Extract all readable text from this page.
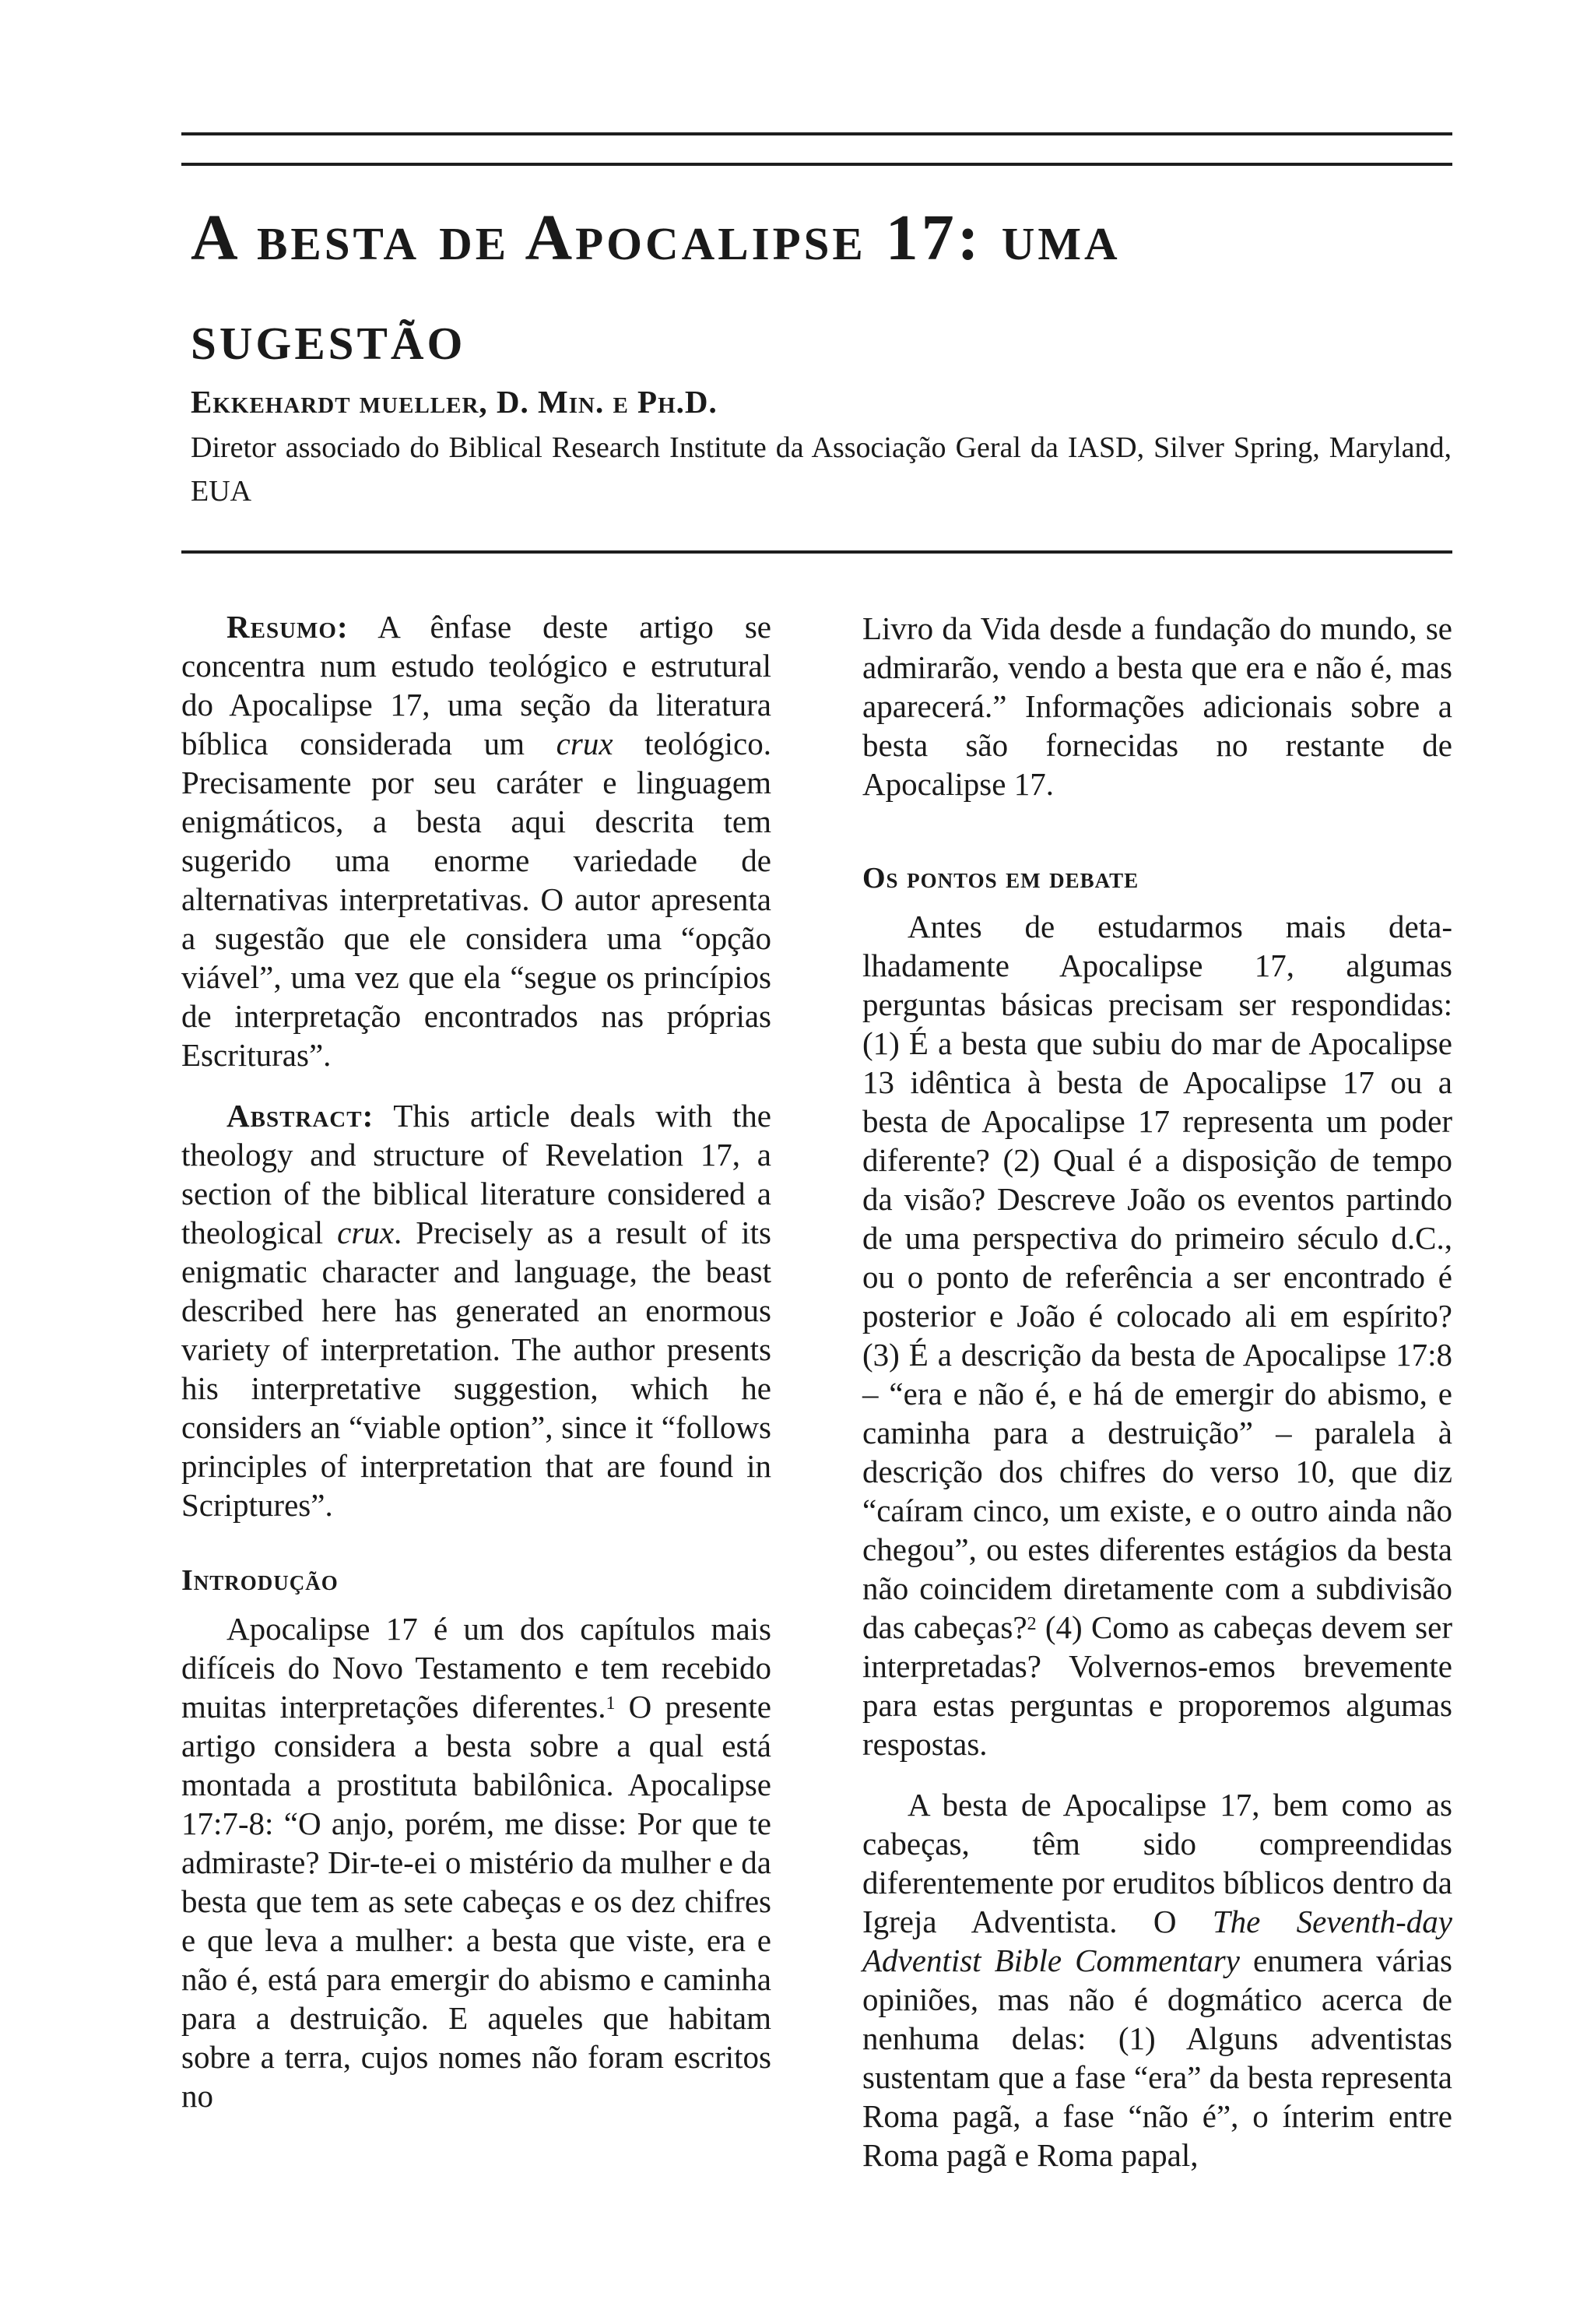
A besta de Apocalipse 17: uma
sugestão

Ekkehardt mueller, D. Min. e Ph.D.

Diretor associado do Biblical Research Institute da Associação Geral da IASD, Silver Spring, Maryland, EUA

Resumo: A ênfase deste artigo se concentra num estudo teológico e estrutural do Apocalipse 17, uma seção da literatura bíblica considerada um crux teológico. Precisamente por seu caráter e linguagem enigmáticos, a besta aqui descrita tem sugerido uma enorme variedade de alternativas interpretativas. O autor apresenta a sugestão que ele considera uma “opção viável”, uma vez que ela “segue os princípios de interpretação encontrados nas próprias Escrituras”.

Abstract: This article deals with the theology and structure of Revelation 17, a section of the biblical literature considered a theological crux. Precisely as a result of its enigmatic character and language, the beast described here has generated an enormous variety of interpretation. The author presents his interpretative suggestion, which he considers an “viable option”, since it “follows principles of interpretation that are found in Scriptures”.

Introdução

Apocalipse 17 é um dos capítulos mais difíceis do Novo Testamento e tem recebido muitas interpretações diferentes.$^1$ O presente artigo considera a besta sobre a qual está montada a prostituta babilônica. Apocalipse 17:7-8: “O anjo, porém, me disse: Por que te admiraste? Dir-te-ei o mistério da mulher e da besta que tem as sete cabeças e os dez chifres e que leva a mulher: a besta que viste, era e não é, está para emergir do abismo e caminha para a destruição. E aqueles que habitam sobre a terra, cujos nomes não foram escritos no

Livro da Vida desde a fundação do mundo, se admirarão, vendo a besta que era e não é, mas aparecerá.” Informações adicionais sobre a besta são fornecidas no restante de Apocalipse 17.

Os pontos em debate

Antes de estudarmos mais deta-lhadamente Apocalipse 17, algumas perguntas básicas precisam ser respondidas: (1) É a besta que subiu do mar de Apocalipse 13 idêntica à besta de Apocalipse 17 ou a besta de Apocalipse 17 representa um poder diferente? (2) Qual é a disposição de tempo da visão? Descreve João os eventos partindo de uma perspectiva do primeiro século d.C., ou o ponto de referência a ser encontrado é posterior e João é colocado ali em espírito? (3) É a descrição da besta de Apocalipse 17:8 – “era e não é, e há de emergir do abismo, e caminha para a destruição” – paralela à descrição dos chifres do verso 10, que diz “caíram cinco, um existe, e o outro ainda não chegou”, ou estes diferentes estágios da besta não coincidem diretamente com a subdivisão das cabeças?$^2$ (4) Como as cabeças devem ser interpretadas? Volvernos-emos brevemente para estas perguntas e proporemos algumas respostas.

A besta de Apocalipse 17, bem como as cabeças, têm sido compreendidas diferentemente por eruditos bíblicos dentro da Igreja Adventista. O The Seventh-day Adventist Bible Commentary enumera várias opiniões, mas não é dogmático acerca de nenhuma delas: (1) Alguns adventistas sustentam que a fase “era” da besta representa Roma pagã, a fase “não é”, o ínterim entre Roma pagã e Roma papal,
